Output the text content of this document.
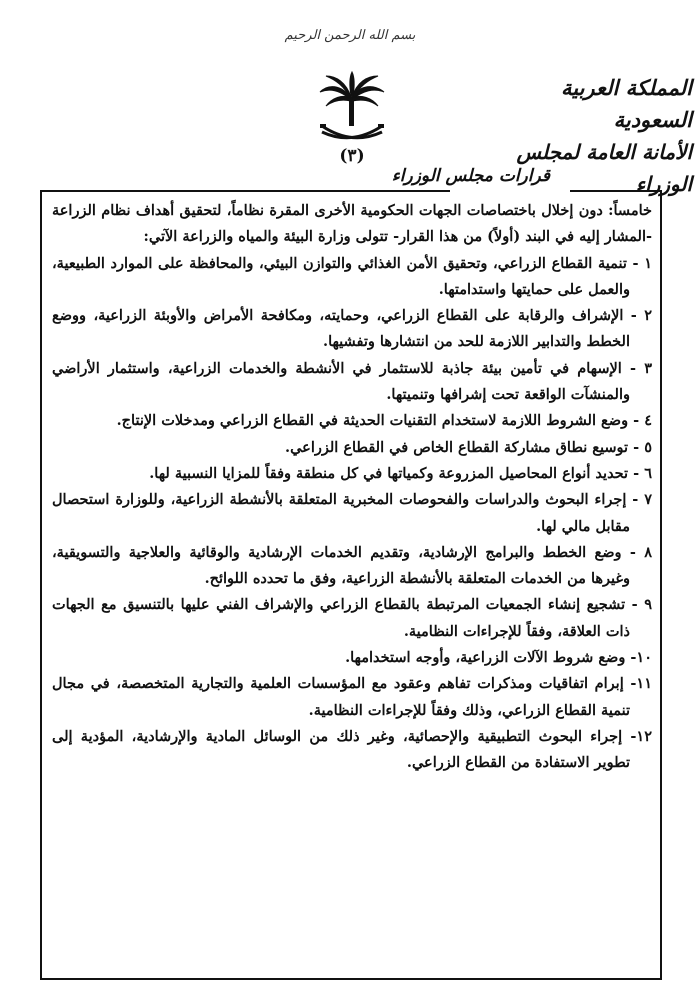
بسم الله الرحمن الرحيم
(٣)
المملكة العربية السعودية
الأمانة العامة لمجلس الوزراء
قرارات مجلس الوزراء

خامساً: دون إخلال باختصاصات الجهات الحكومية الأخرى المقرة نظاماً، لتحقيق أهداف نظام الزراعة -المشار إليه في البند (أولاً) من هذا القرار- تتولى وزارة البيئة والمياه والزراعة الآتي:

١ - تنمية القطاع الزراعي، وتحقيق الأمن الغذائي والتوازن البيئي، والمحافظة على الموارد الطبيعية، والعمل على حمايتها واستدامتها.

٢ - الإشراف والرقابة على القطاع الزراعي، وحمايته، ومكافحة الأمراض والأوبئة الزراعية، ووضع الخطط والتدابير اللازمة للحد من انتشارها وتفشيها.

٣ - الإسهام في تأمين بيئة جاذبة للاستثمار في الأنشطة والخدمات الزراعية، واستثمار الأراضي والمنشآت الواقعة تحت إشرافها وتنميتها.

٤ - وضع الشروط اللازمة لاستخدام التقنيات الحديثة في القطاع الزراعي ومدخلات الإنتاج.

٥ - توسيع نطاق مشاركة القطاع الخاص في القطاع الزراعي.

٦ - تحديد أنواع المحاصيل المزروعة وكمياتها في كل منطقة وفقاً للمزايا النسبية لها.

٧ - إجراء البحوث والدراسات والفحوصات المخبرية المتعلقة بالأنشطة الزراعية، وللوزارة استحصال مقابل مالي لها.

٨ - وضع الخطط والبرامج الإرشادية، وتقديم الخدمات الإرشادية والوقائية والعلاجية والتسويقية، وغيرها من الخدمات المتعلقة بالأنشطة الزراعية، وفق ما تحدده اللوائح.

٩ - تشجيع إنشاء الجمعيات المرتبطة بالقطاع الزراعي والإشراف الفني عليها بالتنسيق مع الجهات ذات العلاقة، وفقاً للإجراءات النظامية.

١٠- وضع شروط الآلات الزراعية، وأوجه استخدامها.

١١- إبرام اتفاقيات ومذكرات تفاهم وعقود مع المؤسسات العلمية والتجارية المتخصصة، في مجال تنمية القطاع الزراعي، وذلك وفقاً للإجراءات النظامية.

١٢- إجراء البحوث التطبيقية والإحصائية، وغير ذلك من الوسائل المادية والإرشادية، المؤدية إلى تطوير الاستفادة من القطاع الزراعي.
